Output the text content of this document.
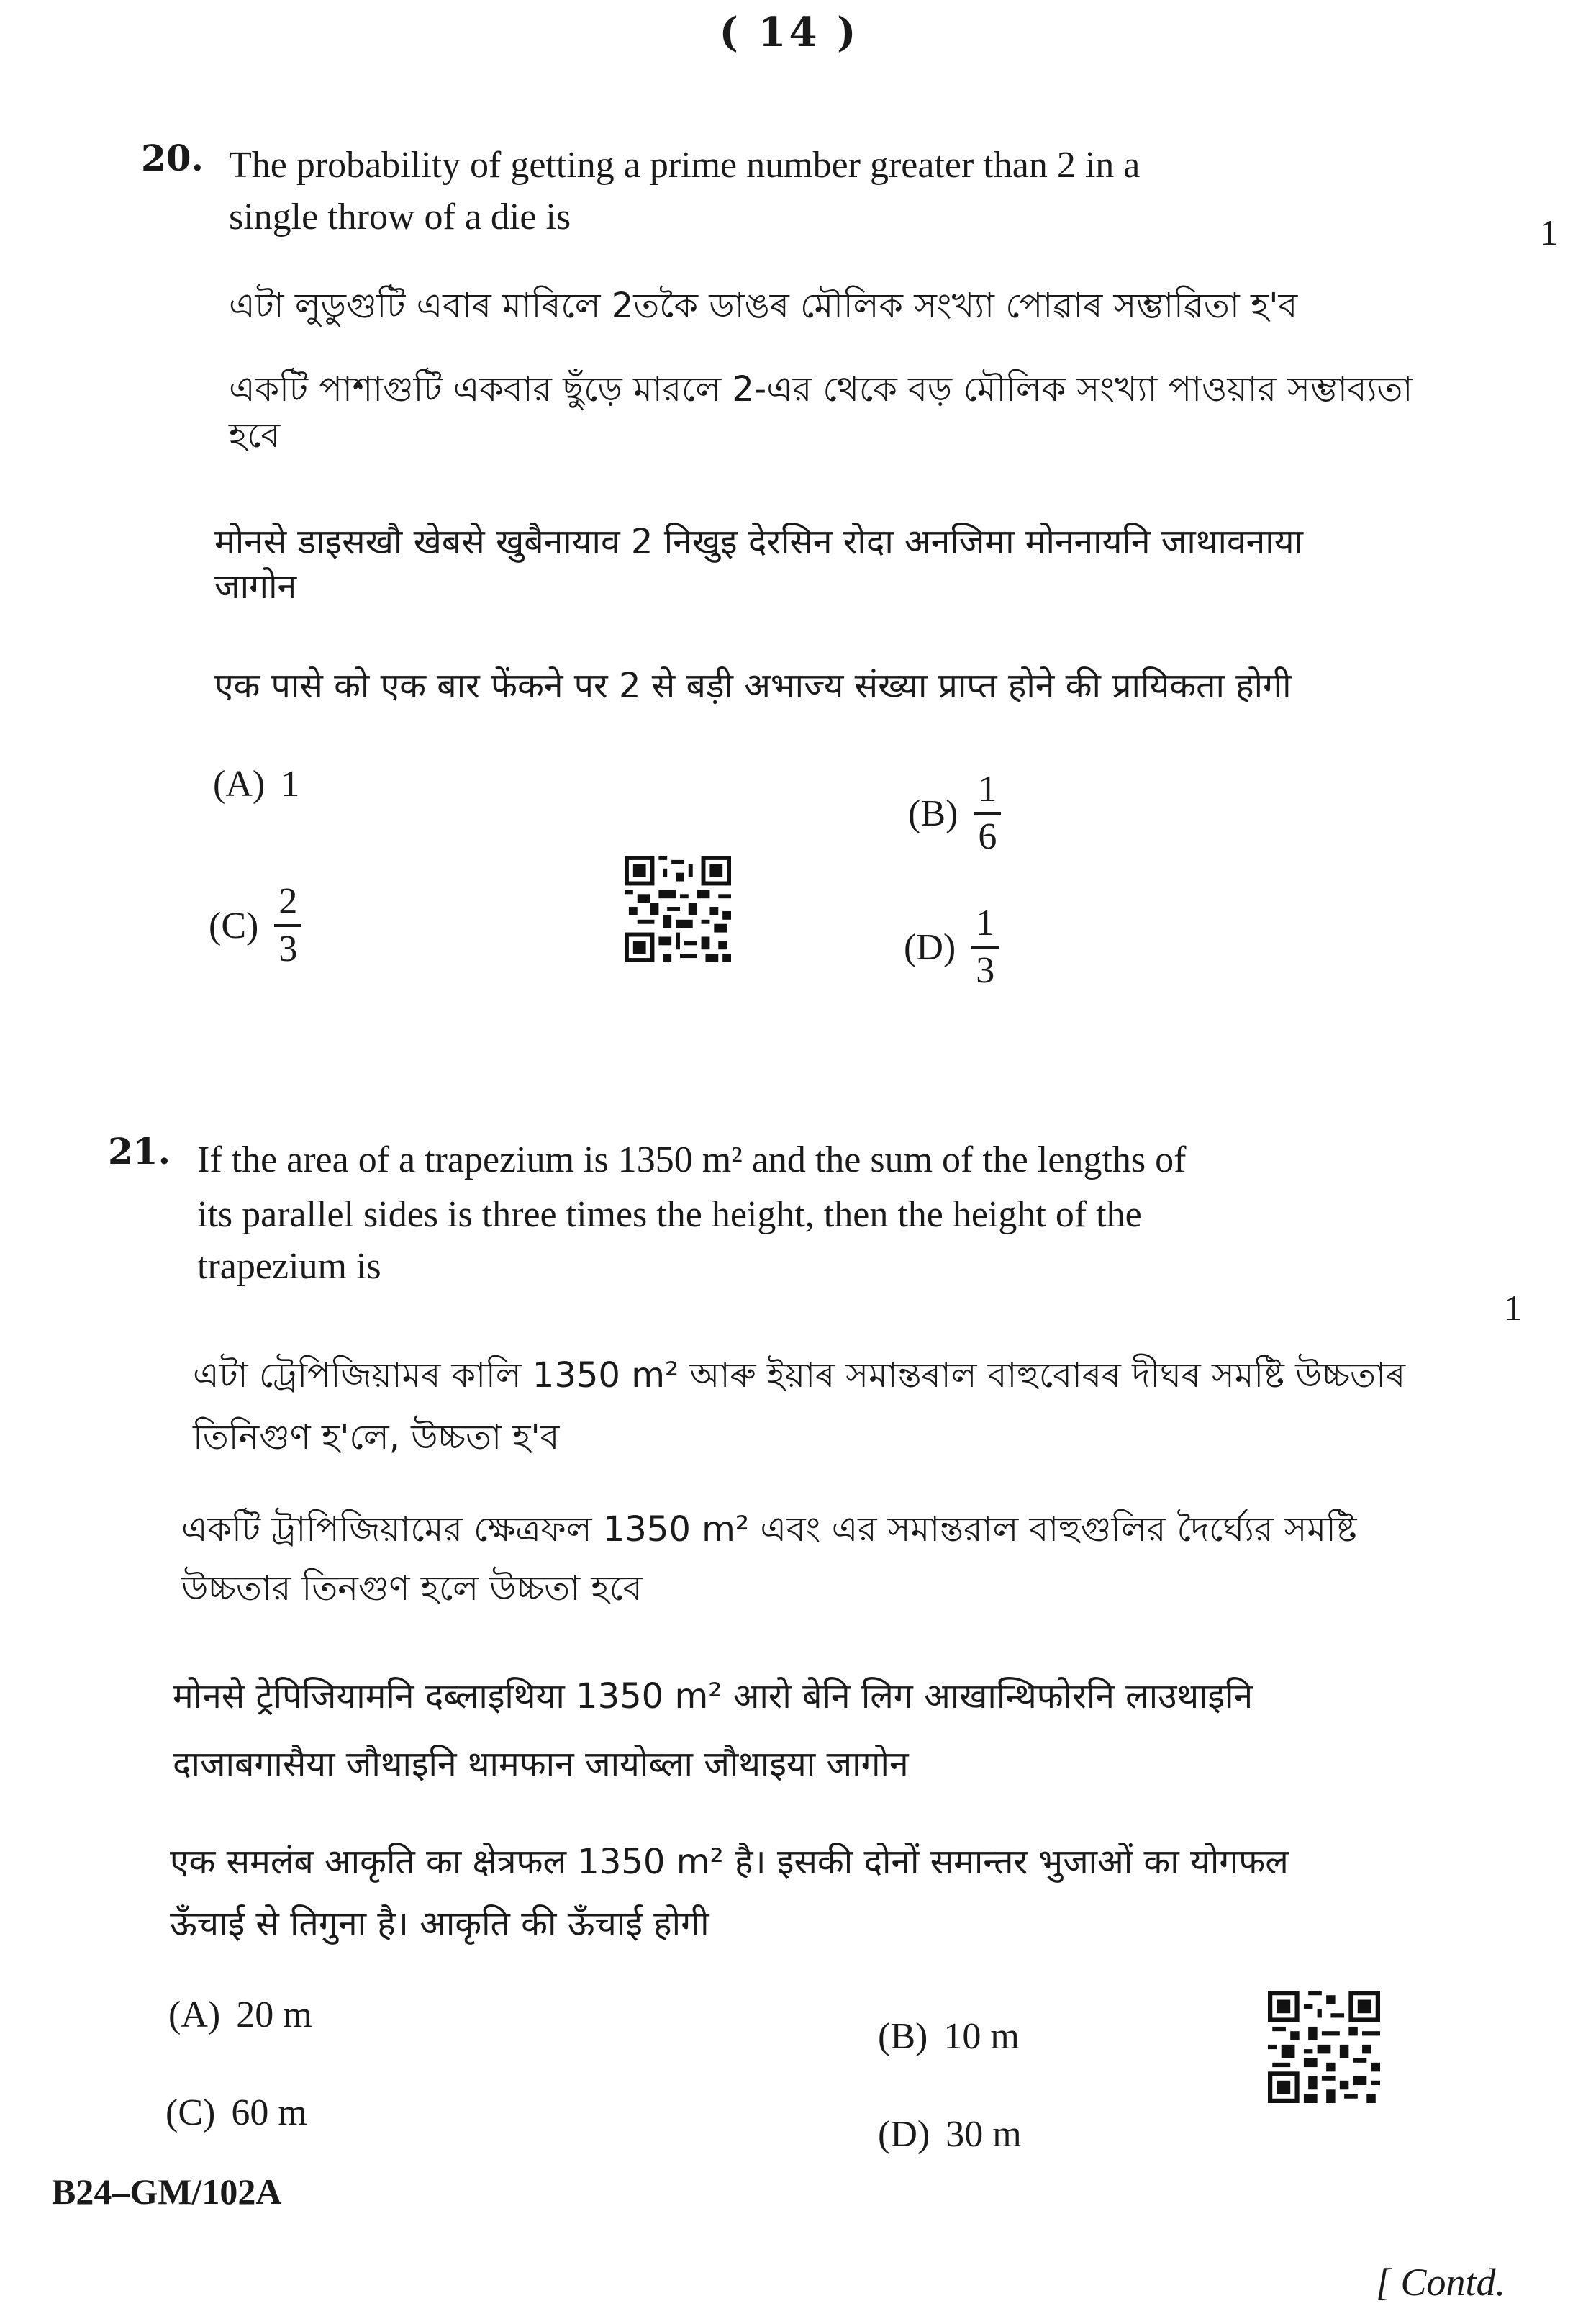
( 14 )
20. The probability of getting a prime number greater than 2 in a
single throw of a die is	1
এটা লুডুগুটি এবাৰ মাৰিলে 2তকৈ ডাঙৰ মৌলিক সংখ্যা পোৱাৰ সম্ভাৱিতা হ'ব
একটি পাশাগুটি একবার ছুঁড়ে মারলে 2-এর থেকে বড় মৌলিক সংখ্যা পাওয়ার সম্ভাব্যতা
হবে
मोनसे डाइसखौ खेबसे खुबैनायाव 2 निखुइ देरसिन रोदा अनजिमा मोननायनि जाथावनाया
जागोन
एक पासे को एक बार फेंकने पर 2 से बड़ी अभाज्य संख्या प्राप्त होने की प्रायिकता होगी
(A) 1
$(B) \frac{1}{6}$
$(C) \frac{2}{3}$	$(D) \frac{1}{3}$
21. If the area of a trapezium is 1350 m² and the sum of the lengths of
its parallel sides is three times the height, then the height of the
trapezium is
1
এটা ট্ৰেপিজিয়ামৰ কালি 1350 m² আৰু ইয়াৰ সমান্তৰাল বাহুবোৰৰ দীঘৰ সমষ্টি উচ্চতাৰ
তিনিগুণ হ'লে, উচ্চতা হ'ব
একটি ট্রাপিজিয়ামের ক্ষেত্রফল 1350 m² এবং এর সমান্তরাল বাহুগুলির দৈর্ঘ্যের সমষ্টি
উচ্চতার তিনগুণ হলে উচ্চতা হবে
मोनसे ट्रेपिजियामनि दब्लाइथिया 1350 m² आरो बेनि लिग आखान्थिफोरनि लाउथाइनि
दाजाबगासैया जौथाइनि थामफान जायोब्ला जौथाइया जागोन
एक समलंब आकृति का क्षेत्रफल 1350 m² है। इसकी दोनों समान्तर भुजाओं का योगफल
ऊँचाई से तिगुना है। आकृति की ऊँचाई होगी
(A) 20 m
(B) 10 m
(C) 60 m
(D) 30 m
B24–GM/102A
[ Contd.
